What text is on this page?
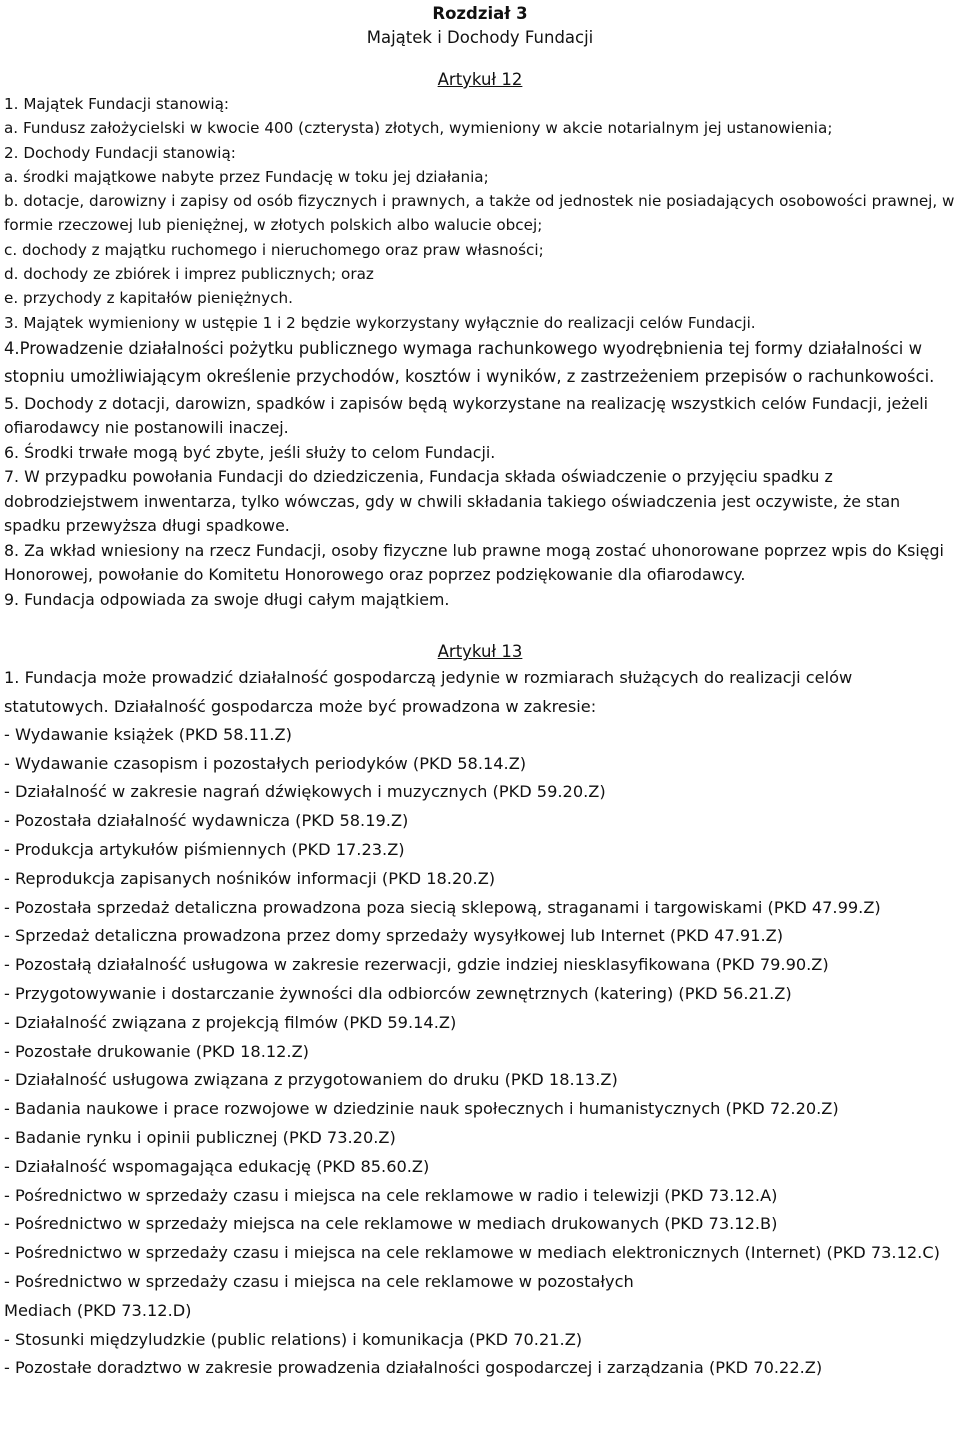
Rozdział 3
Majątek i Dochody Fundacji
Artykuł 12

1. Majątek Fundacji stanowią:

a. Fundusz założycielski w kwocie 400 (czterysta) złotych, wymieniony w akcie notarialnym jej ustanowienia;

2. Dochody Fundacji stanowią:

a. środki majątkowe nabyte przez Fundację w toku jej działania;

b. dotacje, darowizny i zapisy od osób fizycznych i prawnych, a także od jednostek nie posiadających osobowości prawnej, w formie rzeczowej lub pieniężnej, w złotych polskich albo walucie obcej;

c. dochody z majątku ruchomego i nieruchomego oraz praw własności;

d. dochody ze zbiórek i imprez publicznych; oraz

e. przychody z kapitałów pieniężnych.

3. Majątek wymieniony w ustępie 1 i 2 będzie wykorzystany wyłącznie do realizacji celów Fundacji.

4.Prowadzenie działalności pożytku publicznego wymaga rachunkowego wyodrębnienia tej formy działalności w stopniu umożliwiającym określenie przychodów, kosztów i wyników, z zastrzeżeniem przepisów o rachunkowości.

5. Dochody z dotacji, darowizn, spadków i zapisów będą wykorzystane na realizację wszystkich celów Fundacji, jeżeli ofiarodawcy nie postanowili inaczej.

6. Środki trwałe mogą być zbyte, jeśli służy to celom Fundacji.

7. W przypadku powołania Fundacji do dziedziczenia, Fundacja składa oświadczenie o przyjęciu spadku z dobrodziejstwem inwentarza, tylko wówczas, gdy w chwili składania takiego oświadczenia jest oczywiste, że stan spadku przewyższa długi spadkowe.

8. Za wkład wniesiony na rzecz Fundacji, osoby fizyczne lub prawne mogą zostać uhonorowane poprzez wpis do Księgi Honorowej, powołanie do Komitetu Honorowego oraz poprzez podziękowanie dla ofiarodawcy.

9. Fundacja odpowiada za swoje długi całym majątkiem.

Artykuł 13

1. Fundacja może prowadzić działalność gospodarczą jedynie w rozmiarach służących do realizacji celów statutowych. Działalność gospodarcza może być prowadzona w zakresie:

- Wydawanie książek (PKD 58.11.Z)

- Wydawanie czasopism i pozostałych periodyków (PKD 58.14.Z)

- Działalność w zakresie nagrań dźwiękowych i muzycznych (PKD 59.20.Z)

- Pozostała działalność wydawnicza (PKD 58.19.Z)

- Produkcja artykułów piśmiennych (PKD 17.23.Z)

- Reprodukcja zapisanych nośników informacji (PKD 18.20.Z)

- Pozostała sprzedaż detaliczna prowadzona poza siecią sklepową, straganami i targowiskami (PKD 47.99.Z)

- Sprzedaż detaliczna prowadzona przez domy sprzedaży wysyłkowej lub Internet (PKD 47.91.Z)

- Pozostałą działalność usługowa w zakresie rezerwacji, gdzie indziej niesklasyfikowana (PKD 79.90.Z)

- Przygotowywanie i dostarczanie żywności dla odbiorców zewnętrznych (katering) (PKD 56.21.Z)

- Działalność związana z projekcją filmów (PKD 59.14.Z)

- Pozostałe drukowanie (PKD 18.12.Z)

- Działalność usługowa związana z przygotowaniem do druku (PKD 18.13.Z)

- Badania naukowe i prace rozwojowe w dziedzinie nauk społecznych i humanistycznych (PKD 72.20.Z)

- Badanie rynku i opinii publicznej (PKD 73.20.Z)

- Działalność wspomagająca edukację (PKD 85.60.Z)

- Pośrednictwo w sprzedaży czasu i miejsca na cele reklamowe w radio i telewizji (PKD 73.12.A)

- Pośrednictwo w sprzedaży miejsca na cele reklamowe w mediach drukowanych (PKD 73.12.B)

- Pośrednictwo w sprzedaży czasu i miejsca na cele reklamowe w mediach elektronicznych (Internet) (PKD 73.12.C)

- Pośrednictwo w sprzedaży czasu i miejsca na cele reklamowe w pozostałych

Mediach (PKD 73.12.D)

- Stosunki międzyludzkie (public relations) i komunikacja (PKD 70.21.Z)

- Pozostałe doradztwo w zakresie prowadzenia działalności gospodarczej i zarządzania (PKD 70.22.Z)
